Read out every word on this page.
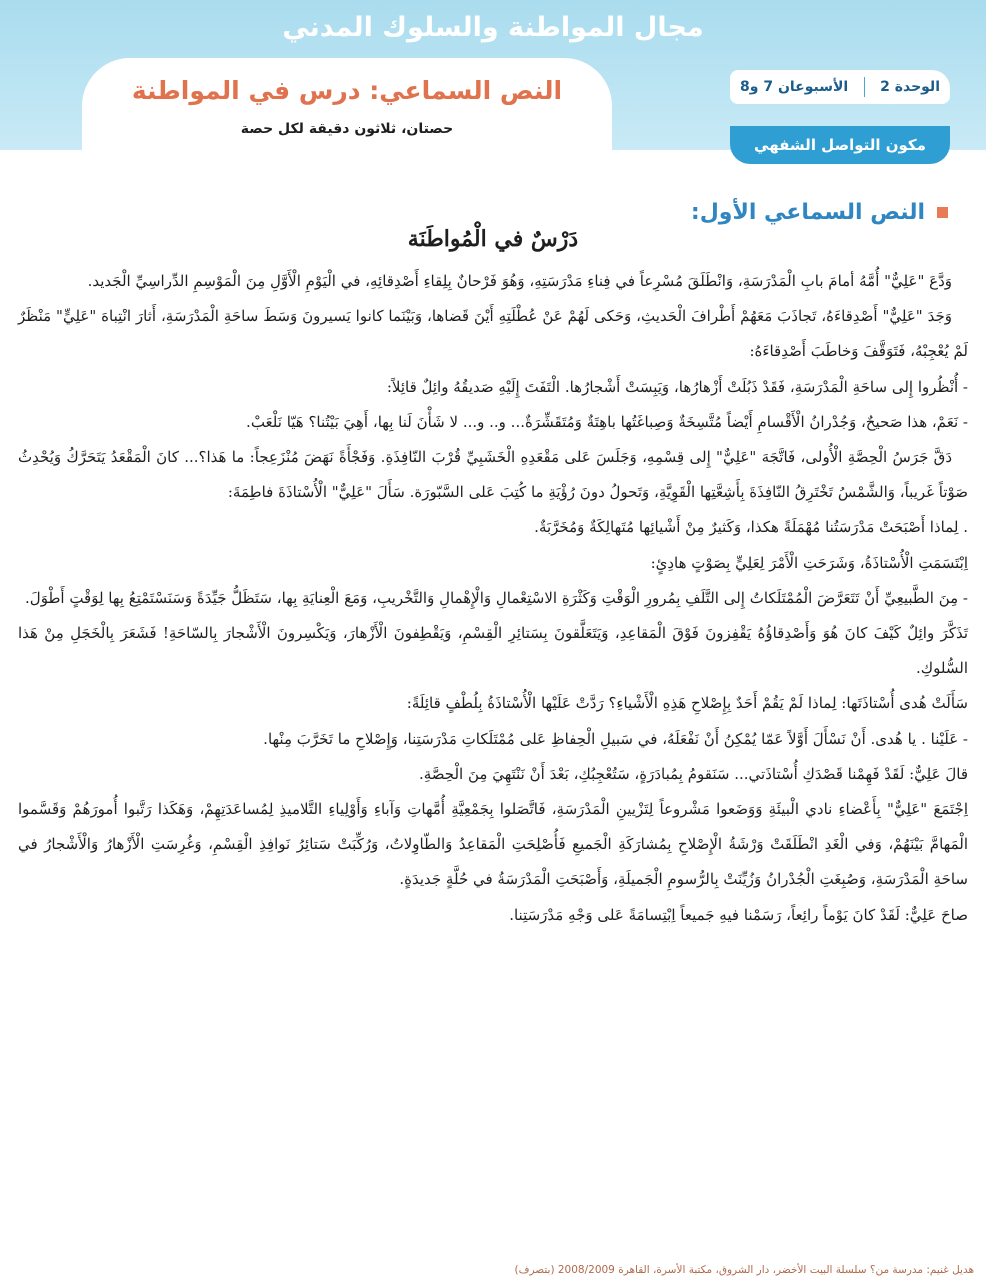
مجال المواطنة والسلوك المدني
النص السماعي: درس في المواطنة
حصتان، ثلاثون دقيقة لكل حصة
الوحدة 2
الأسبوعان 7 و8
مكون التواصل الشفهي
النص السماعي الأول:
دَرْسٌ في الْمُواطَنَة

وَدَّعَ "عَلِيٌّ" أُمَّهُ أمامَ بابِ الْمَدْرَسَةِ، وَانْطَلَقَ مُسْرِعاً في فِناءِ مَدْرَسَتِهِ، وَهُوَ فَرْحانٌ بِلِقاءِ أَصْدِقائِهِ، في الْيَوْمِ الْأَوَّلِ مِنَ الْمَوْسِمِ الدِّراسِيِّ الْجَديد.

وَجَدَ "عَلِيٌّ" أَصْدِقاءَهُ، تَجاذَبَ مَعَهُمْ أَطْرافَ الْحَديثِ، وَحَكى لَهُمْ عَنْ عُطْلَتِهِ أَيْنَ قَضاها، وَبَيْنَما كانوا يَسيرونَ وَسَطَ ساحَةِ الْمَدْرَسَةِ، أَثارَ انْتِباهَ "عَلِيٍّ" مَنْظَرٌ لَمْ يُعْجِبْهُ، فَتَوَقَّفَ وَخاطَبَ أَصْدِقاءَهُ:

- أُنْظُروا إِلى ساحَةِ الْمَدْرَسَةِ، فَقَدْ ذَبُلَتْ أَزْهارُها، وَيَبِسَتْ أَشْجارُها. الْتَفَتَ إِلَيْهِ صَديقُهُ وائِلٌ قائِلاً:

- نَعَمْ، هذا صَحيحٌ، وَجُدْرانُ الْأَقْسامِ أَيْضاً مُتَّسِخَةٌ وَصِباغَتُها باهِتَةٌ وَمُتَقَشِّرَةٌ... و.. و... لا شَأْنَ لَنا بِها، أَهِيَ بَيْتُنا؟ هَيّا نَلْعَبْ.

دَقَّ جَرَسُ الْحِصَّةِ الْأُولى، فَاتَّجَهَ "عَلِيٌّ" إِلى قِسْمِهِ، وَجَلَسَ عَلى مَقْعَدِهِ الْخَشَبِيِّ قُرْبَ النّافِذَةِ. وَفَجْأَةً نَهَضَ مُنْزَعِجاً: ما هَذا؟... كانَ الْمَقْعَدُ يَتَحَرَّكُ وَيُحْدِثُ صَوْتاً غَريباً، وَالشَّمْسُ تَخْتَرِقُ النّافِذَةَ بِأَشِعَّتِها الْقَوِيَّةِ، وَتَحولُ دونَ رُؤْيَةِ ما كُتِبَ عَلى السَّبّورَة. سَأَلَ "عَلِيٌّ" الْأُسْتاذَةَ فاطِمَةَ:

. لِماذا أَصْبَحَتْ مَدْرَسَتُنا مُهْمَلَةً هكذا، وَكَثيرٌ مِنْ أَشْيائِها مُتَهالِكَةٌ وَمُخَرَّبَةٌ.

اِبْتَسَمَتِ الْأُسْتاذَةُ، وَشَرَحَتِ الْأَمْرَ لِعَلِيٍّ بِصَوْتٍ هادِئٍ:

- مِنَ الطَّبيعِيِّ أَنْ تَتَعَرَّضَ الْمُمْتَلَكاتُ إِلى التَّلَفِ بِمُرورِ الْوَقْتِ وَكَثْرَةِ الاسْتِعْمالِ وَالْإِهْمالِ وَالتَّخْريبِ، وَمَعَ الْعِنايَةِ بِها، سَتَظَلُّ جَيِّدَةً وَسَنَسْتَمْتِعُ بِها لِوَقْتٍ أَطْوَلَ.

تَذَكَّرَ وائِلٌ كَيْفَ كانَ هُوَ وَأَصْدِقاؤُهُ يَقْفِزونَ فَوْقَ الْمَقاعِدِ، وَيَتَعَلَّقونَ بِسَتائِرِ الْقِسْمِ، وَيَقْطِفونَ الْأَزْهارَ، وَيَكْسِرونَ الْأَشْجارَ بِالسّاحَةِ! فَشَعَرَ بِالْخَجَلِ مِنْ هَذا السُّلوكِ.

سَأَلَتْ هُدى أُسْتاذَتَها: لِماذا لَمْ يَقُمْ أَحَدٌ بِإِصْلاحِ هَذِهِ الْأَشْياءِ؟ رَدَّتْ عَلَيْها الْأُسْتاذَةُ بِلُطْفٍ قائِلَةً:

- عَلَيْنا . يا هُدى. أَنْ نَسْأَلَ أَوَّلاً عَمّا يُمْكِنُ أَنْ نَفْعَلَهُ، في سَبيلِ الْحِفاظِ عَلى مُمْتَلَكاتِ مَدْرَسَتِنا، وَإِصْلاحِ ما تَخَرَّبَ مِنْها.

قالَ عَلِيٌّ: لَقَدْ فَهِمْنا قَصْدَكِ أُسْتاذَتي... سَنَقومُ بِمُبادَرَةٍ، سَتُعْجِبُكِ، بَعْدَ أَنْ نَنْتَهِيَ مِنَ الْحِصَّةِ.

اِجْتَمَعَ "عَلِيٌّ" بِأَعْضاءِ نادي الْبيئَةِ وَوَضَعوا مَشْروعاً لِتَزْيينِ الْمَدْرَسَةِ، فَاتَّصَلوا بِجَمْعِيَّةِ أُمَّهاتِ وَآباءِ وَأَوْلِياءِ التَّلاميذِ لِمُساعَدَتِهِمْ، وَهَكَذا رَتَّبوا أُمورَهُمْ وَقَسَّموا الْمَهامَّ بَيْنَهُمْ، وَفي الْغَدِ انْطَلَقَتْ وَرْشَةُ الْإِصْلاحِ بِمُشارَكَةِ الْجَميعِ فَأُصْلِحَتِ الْمَقاعِدُ وَالطّاوِلاتُ، وَرُكِّبَتْ سَتائِرُ نَوافِذِ الْقِسْمِ، وَغُرِسَتِ الْأَزْهارُ وَالْأَشْجارُ في ساحَةِ الْمَدْرَسَةِ، وَصُبِغَتِ الْجُدْرانُ وَزُيِّنَتْ بِالرُّسومِ الْجَميلَةِ، وَأَصْبَحَتِ الْمَدْرَسَةُ في حُلَّةٍ جَديدَةٍ.

صاحَ عَلِيٌّ: لَقَدْ كانَ يَوْماً رائِعاً، رَسَمْنا فيهِ جَميعاً اِبْتِسامَةً عَلى وَجْهِ مَدْرَسَتِنا.

هديل غنيم: مدرسة من؟ سلسلة البيت الأخضر، دار الشروق، مكتبة الأسرة، القاهرة 2008/2009 (بتصرف)
